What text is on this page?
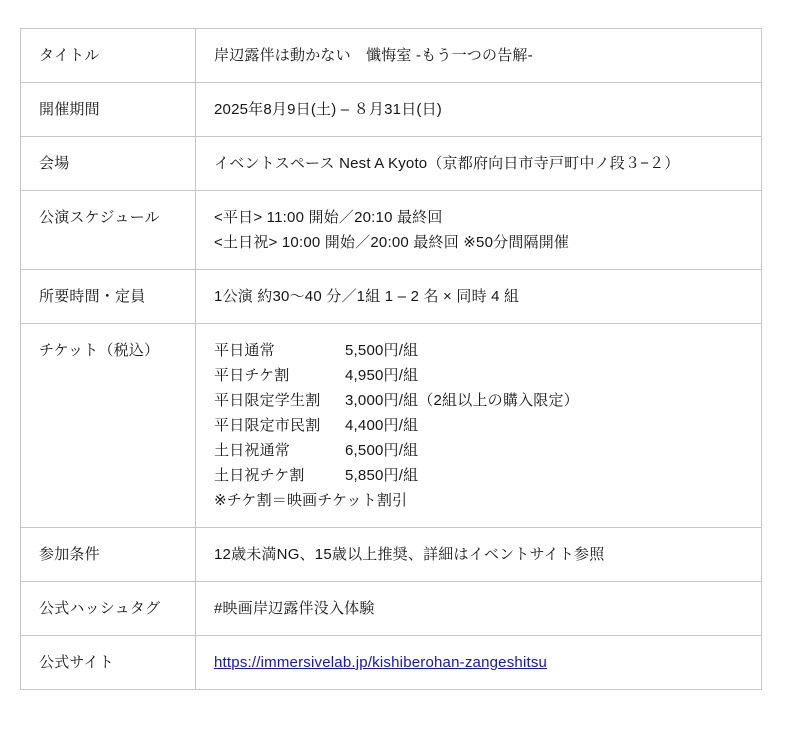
タイトル	岸辺露伴は動かない　懺悔室 -もう一つの告解-

開催期間	2025年8月9日(土) – ８月31日(日)

会場	イベントスペース Nest A Kyoto（京都府向日市寺戸町中ノ段３−２）

公演スケジュール	<平日> 11:00 開始／20:10 最終回
<土日祝> 10:00 開始／20:00 最終回 ※50分間隔開催

所要時間・定員	1公演 約30〜40 分／1組 1 – 2 名 × 同時 4 組

チケット（税込）	平日通常	5,500円/組
平日チケ割	4,950円/組
平日限定学生割 3,000円/組（2組以上の購入限定）
平日限定市民割 4,400円/組
土日祝通常	6,500円/組
土日祝チケ割	5,850円/組
※チケ割＝映画チケット割引

参加条件	12歳未満NG、15歳以上推奨、詳細はイベントサイト参照

公式ハッシュタグ	#映画岸辺露伴没入体験

公式サイト	https://immersivelab.jp/kishiberohan-zangeshitsu
